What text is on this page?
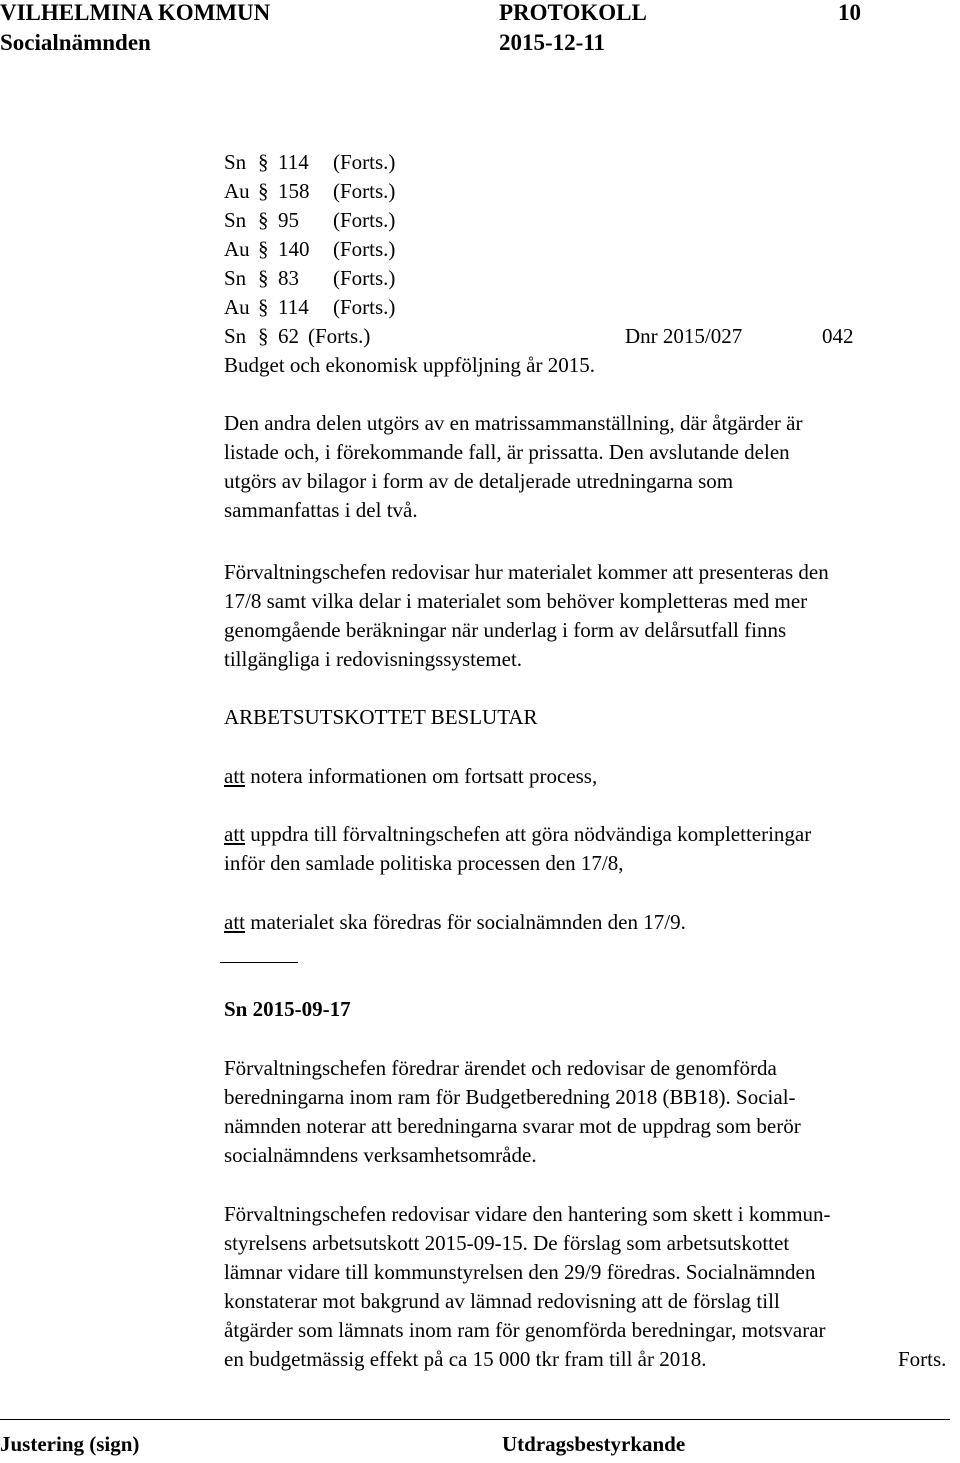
VILHELMINA KOMMUN	PROTOKOLL	10
Socialnämnden	2015-12-11
Sn § 114 (Forts.)
Au § 158 (Forts.)
Sn § 95 (Forts.)
Au § 140 (Forts.)
Sn § 83 (Forts.)
Au § 114 (Forts.)
Sn § 62 (Forts.)	Dnr 2015/027	042
Budget och ekonomisk uppföljning år 2015.
Den andra delen utgörs av en matrissammanställning, där åtgärder är
listade och, i förekommande fall, är prissatta. Den avslutande delen
utgörs av bilagor i form av de detaljerade utredningarna som
sammanfattas i del två.
Förvaltningschefen redovisar hur materialet kommer att presenteras den
17/8 samt vilka delar i materialet som behöver kompletteras med mer
genomgående beräkningar när underlag i form av delårsutfall finns
tillgängliga i redovisningssystemet.
ARBETSUTSKOTTET BESLUTAR
att notera informationen om fortsatt process,
att uppdra till förvaltningschefen att göra nödvändiga kompletteringar
inför den samlade politiska processen den 17/8,
att materialet ska föredras för socialnämnden den 17/9.
Sn 2015-09-17
Förvaltningschefen föredrar ärendet och redovisar de genomförda
beredningarna inom ram för Budgetberedning 2018 (BB18). Social-
nämnden noterar att beredningarna svarar mot de uppdrag som berör
socialnämndens verksamhetsområde.
Förvaltningschefen redovisar vidare den hantering som skett i kommun-
styrelsens arbetsutskott 2015-09-15. De förslag som arbetsutskottet
lämnar vidare till kommunstyrelsen den 29/9 föredras. Socialnämnden
konstaterar mot bakgrund av lämnad redovisning att de förslag till
åtgärder som lämnats inom ram för genomförda beredningar, motsvarar
en budgetmässig effekt på ca 15 000 tkr fram till år 2018.	Forts.
Justering (sign)	Utdragsbestyrkande
